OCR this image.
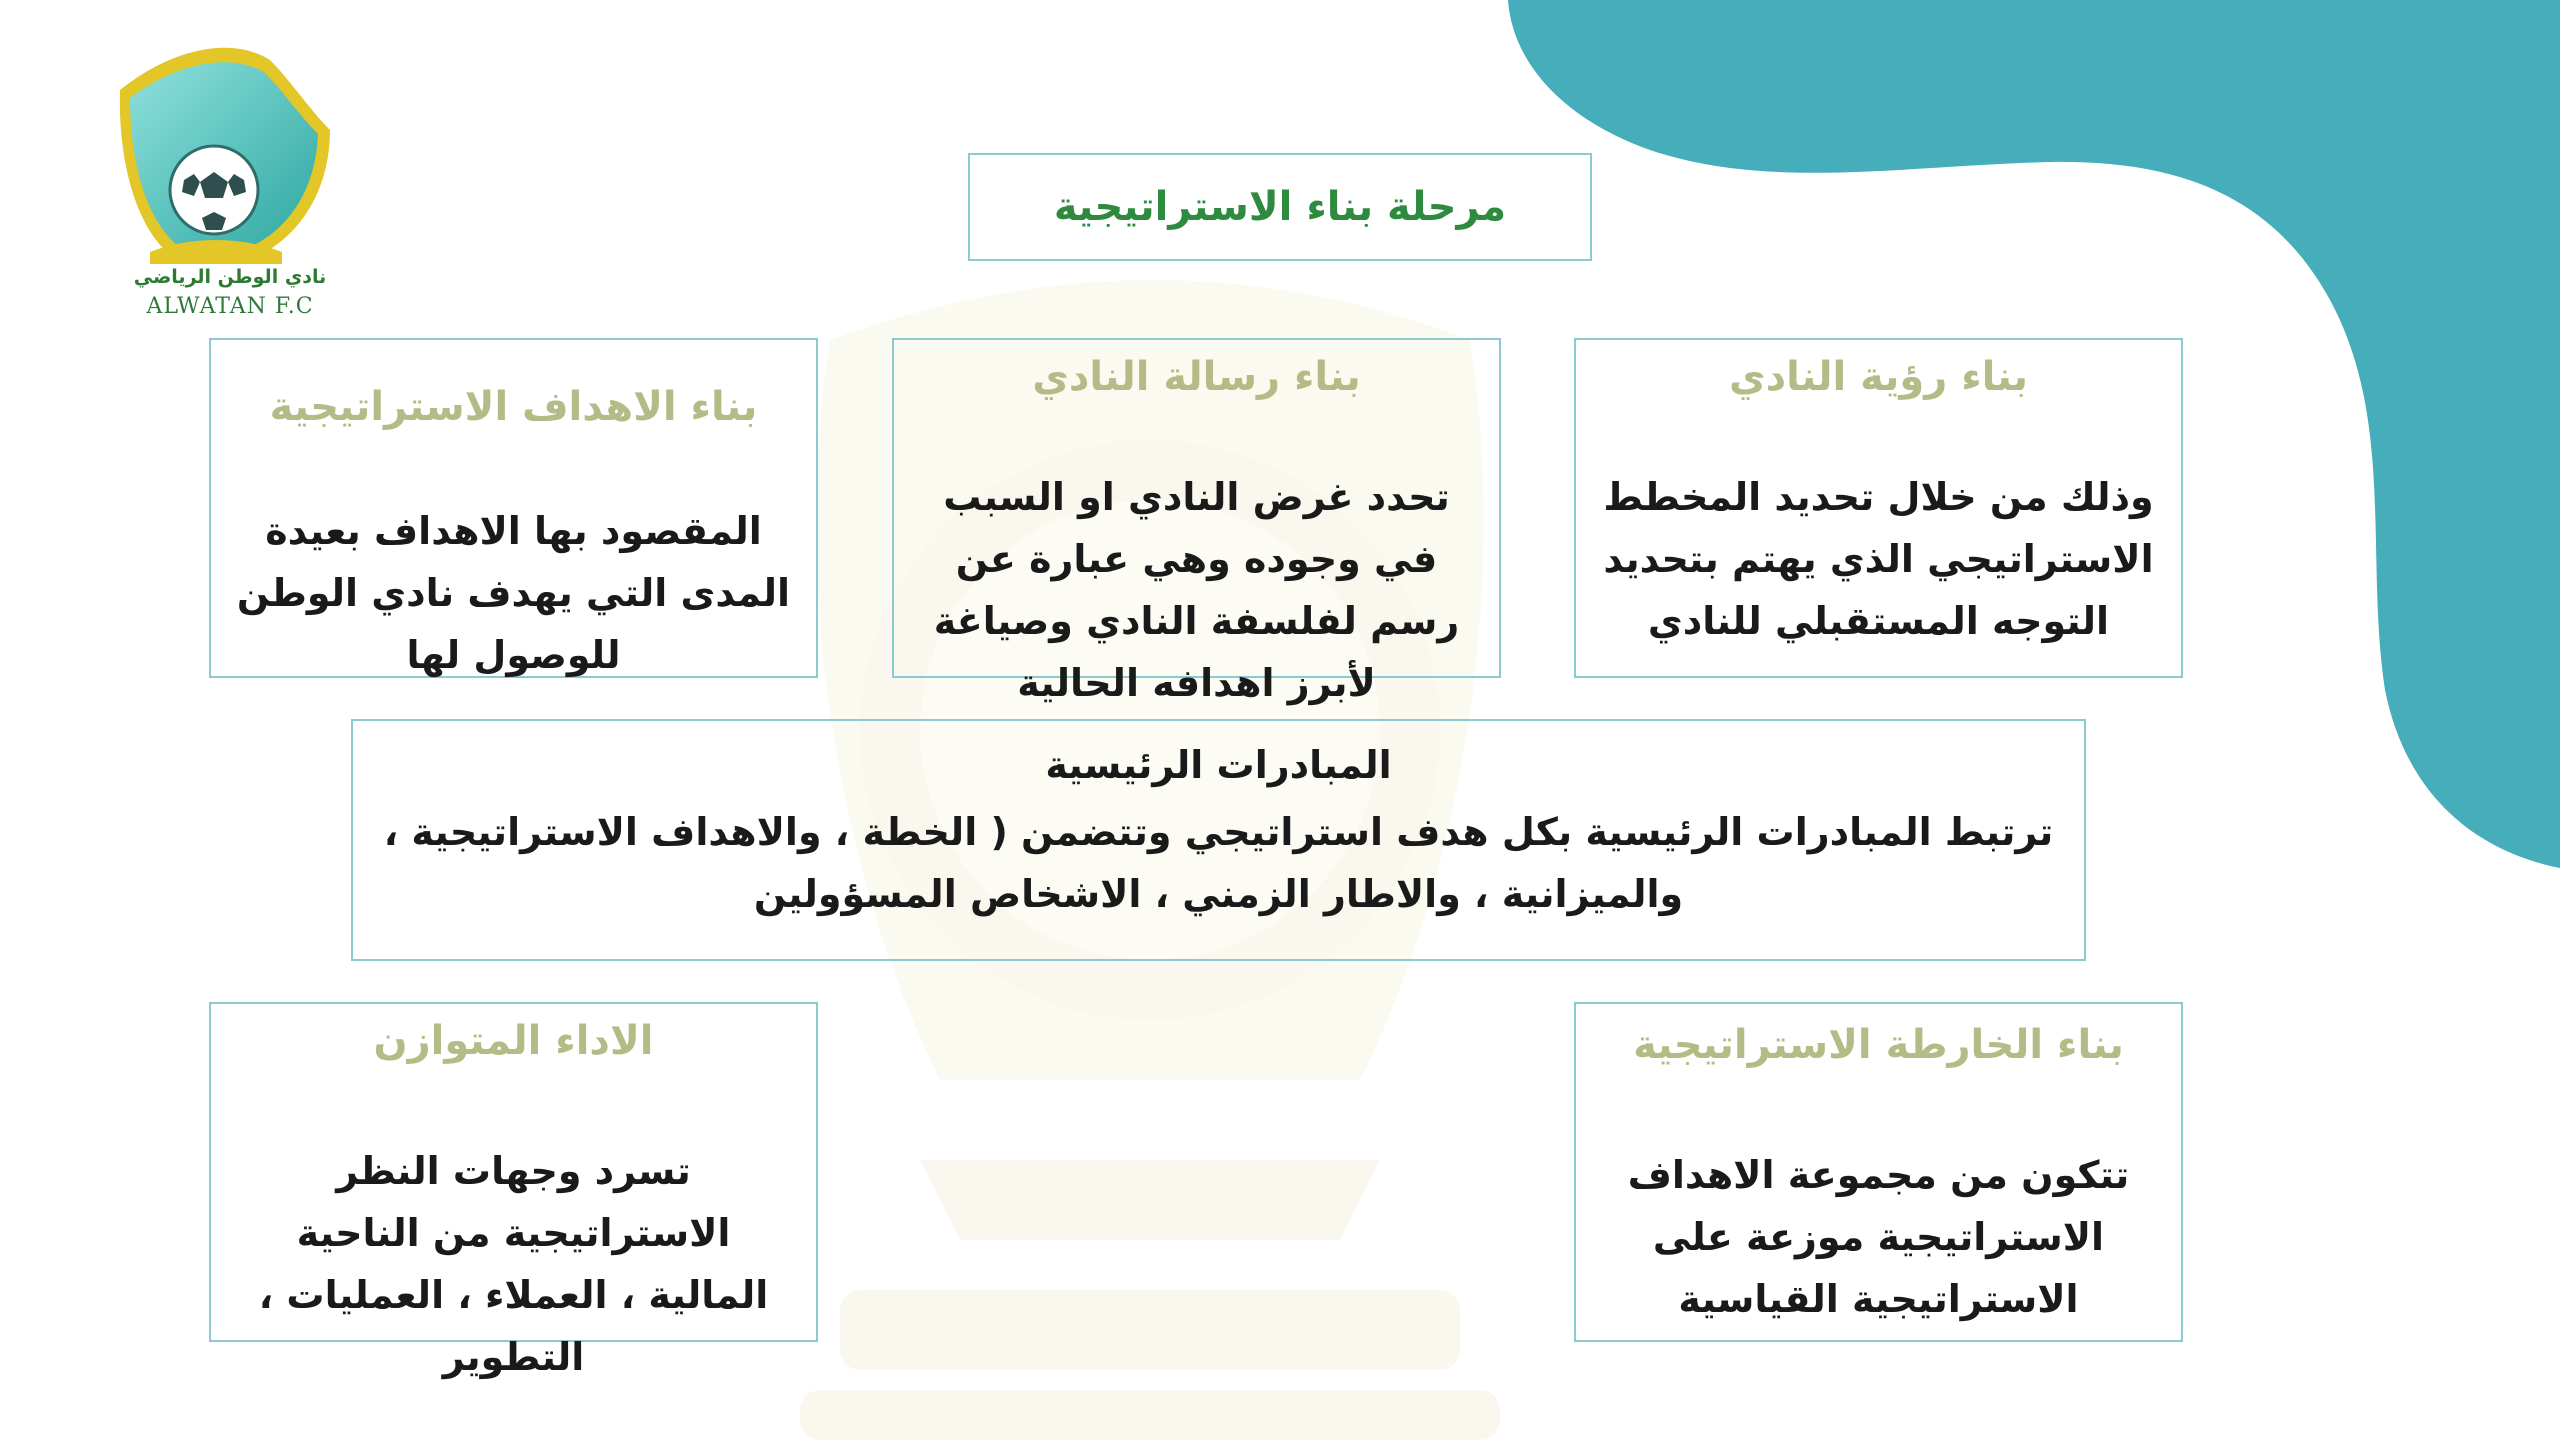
نادي الوطن الرياضي
ALWATAN F.C
مرحلة بناء الاستراتيجية
بناء رؤية النادي
وذلك من خلال تحديد المخطط الاستراتيجي الذي يهتم بتحديد التوجه المستقبلي للنادي
بناء رسالة النادي
تحدد غرض النادي او السبب في وجوده وهي عبارة عن رسم لفلسفة النادي وصياغة لأبرز اهدافه الحالية
بناء الاهداف الاستراتيجية
المقصود بها الاهداف بعيدة المدى التي يهدف نادي الوطن للوصول لها
المبادرات الرئيسية
ترتبط المبادرات الرئيسية بكل هدف استراتيجي وتتضمن ( الخطة ، والاهداف الاستراتيجية ، والميزانية ، والاطار الزمني ، الاشخاص المسؤولين
بناء الخارطة الاستراتيجية
تتكون من مجموعة الاهداف الاستراتيجية موزعة على الاستراتيجية القياسية
الاداء المتوازن
تسرد وجهات النظر الاستراتيجية من الناحية المالية ، العملاء ، العمليات ، التطوير
